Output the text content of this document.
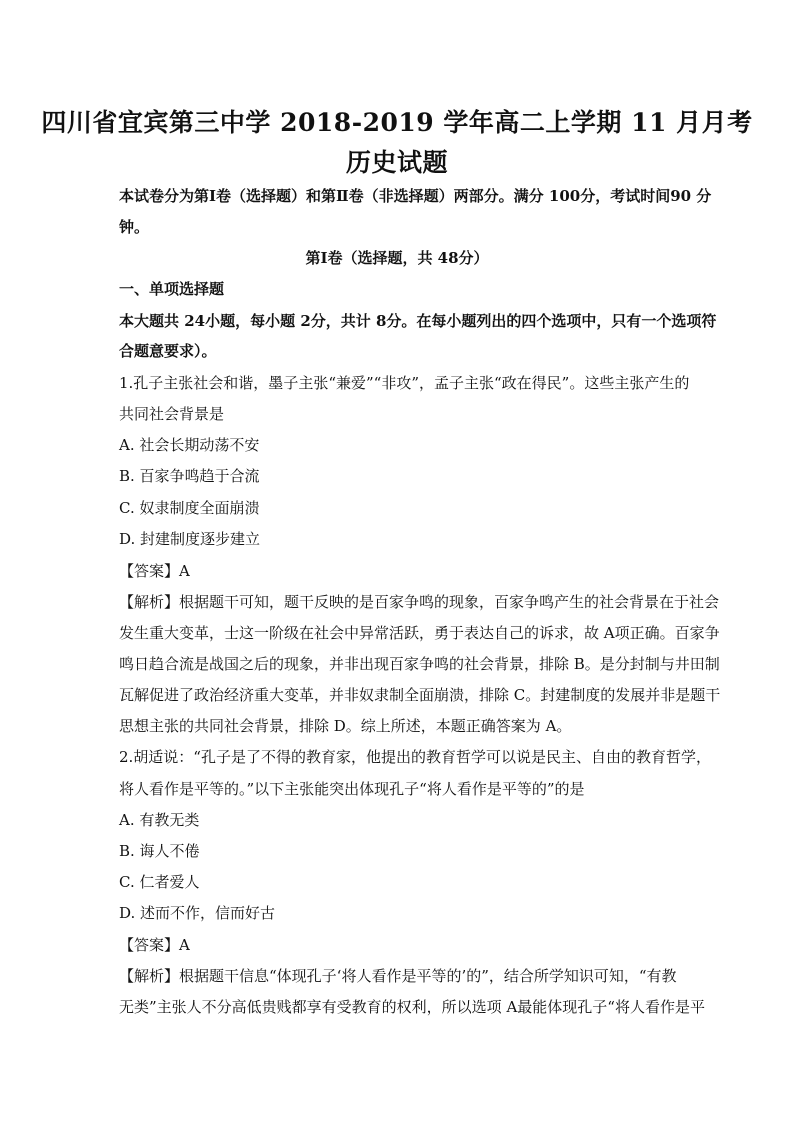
四川省宜宾第三中学 2018-2019 学年高二上学期 11 月月考
历史试题
本试卷分为第Ⅰ卷（选择题）和第Ⅱ卷（非选择题）两部分。满分 100分，考试时间90 分
钟。
第Ⅰ卷（选择题，共 48分）
一、单项选择题
本大题共 24小题，每小题 2分，共计 8分。在每小题列出的四个选项中，只有一个选项符
合题意要求）。
1.孔子主张社会和谐，墨子主张“兼爱”“非攻”，孟子主张“政在得民”。这些主张产生的
共同社会背景是
A. 社会长期动荡不安
B. 百家争鸣趋于合流
C. 奴隶制度全面崩溃
D. 封建制度逐步建立
【答案】A
【解析】根据题干可知，题干反映的是百家争鸣的现象，百家争鸣产生的社会背景在于社会
发生重大变革，士这一阶级在社会中异常活跃，勇于表达自己的诉求，故 A项正确。百家争
鸣日趋合流是战国之后的现象，并非出现百家争鸣的社会背景，排除 B。是分封制与井田制
瓦解促进了政治经济重大变革，并非奴隶制全面崩溃，排除 C。封建制度的发展并非是题干
思想主张的共同社会背景，排除 D。综上所述，本题正确答案为 A。
2.胡适说：“孔子是了不得的教育家，他提出的教育哲学可以说是民主、自由的教育哲学，
将人看作是平等的。”以下主张能突出体现孔子“将人看作是平等的”的是
A. 有教无类
B. 诲人不倦
C. 仁者爱人
D. 述而不作，信而好古
【答案】A
【解析】根据题干信息“体现孔子‘将人看作是平等的’的”，结合所学知识可知，“有教
无类”主张人不分高低贵贱都享有受教育的权利，所以选项 A最能体现孔子“将人看作是平
